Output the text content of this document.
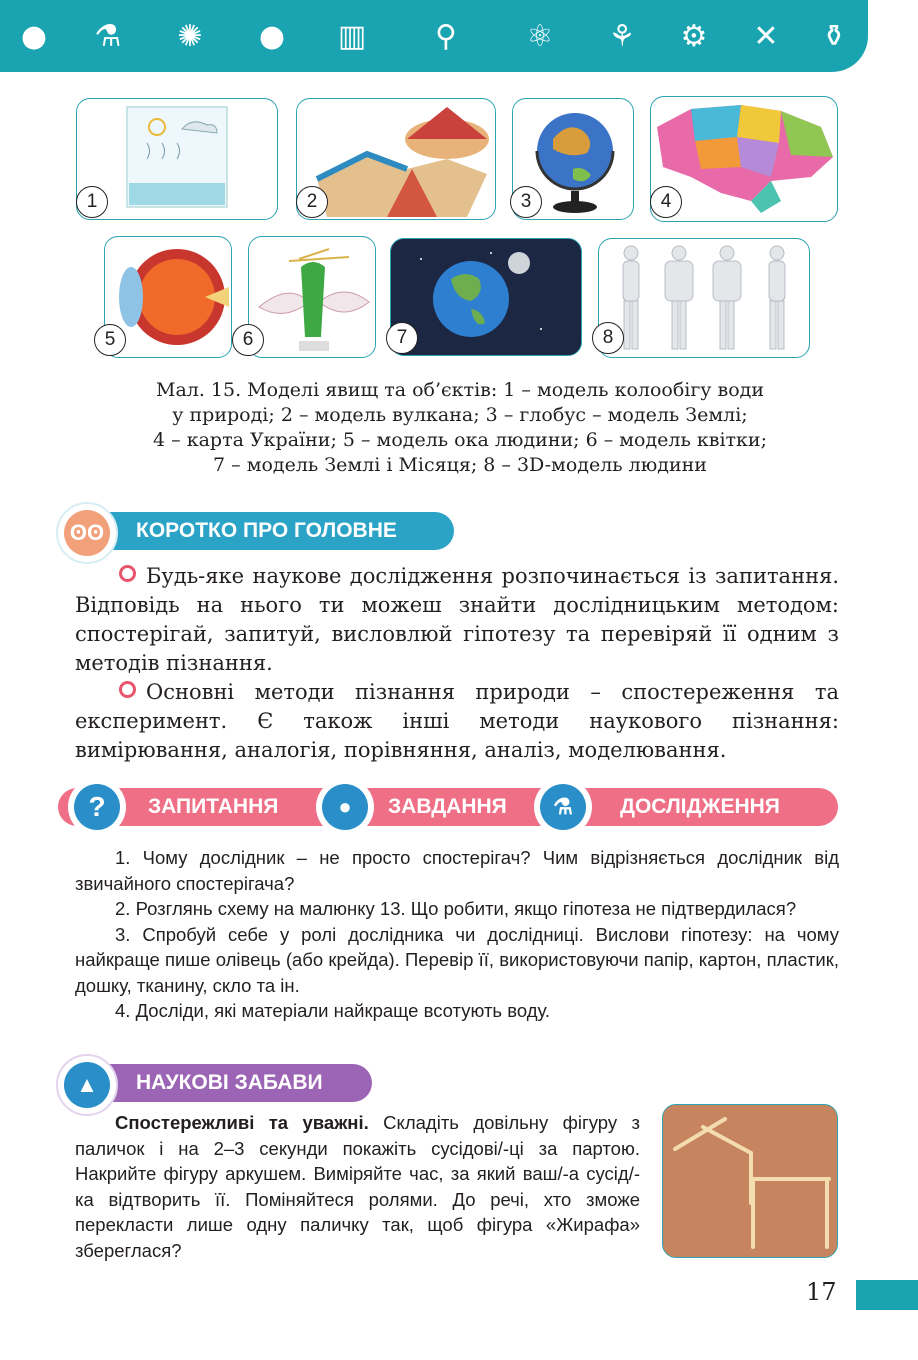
● ⚗	✺	● ▥	⚲	⚛ ⚘ ⚙	✕	⚱
1	2	3	4
5	6	7	8
Мал. 15. Моделі явищ та об’єктів: 1 – модель колообігу води
у природі; 2 – модель вулкана; 3 – глобус – модель Землі;
4 – карта України; 5 – модель ока людини; 6 – модель квітки;
7 – модель Землі і Місяця; 8 – 3D-модель людини
КОРОТКО ПРО ГОЛОВНЕ
ʘʘ

Будь-яке наукове дослідження розпочинається із запитання. Відповідь на нього ти можеш знайти дослідницьким методом: спостерігай, запитуй, висловлюй гіпотезу та перевіряй її одним з методів пізнання.

Основні методи пізнання природи – спостереження та експеримент. Є також інші методи наукового пізнання: вимірювання, аналогія, порівняння, аналіз, моделювання.

?	ЗАПИТАННЯ	●	ЗАВДАННЯ	⚗	ДОСЛІДЖЕННЯ

1. Чому дослідник – не просто спостерігач? Чим відрізняється дослідник від звичайного спостерігача?

2. Розглянь схему на малюнку 13. Що робити, якщо гіпотеза не підтвердилася?

3. Спробуй себе у ролі дослідника чи дослідниці. Вислови гіпотезу: на чому найкраще пише олівець (або крейда). Перевір її, використовуючи папір, картон, пластик, дошку, тканину, скло та ін.

4. Досліди, які матеріали найкраще всотують воду.

НАУКОВІ ЗАБАВИ
▲

Спостережливі та уважні. Складіть довільну фігуру з паличок і на 2–3 секунди покажіть сусідові/-ці за партою. Накрийте фігуру аркушем. Виміряйте час, за який ваш/-а сусід/-ка відтворить її. Поміняйтеся ролями. До речі, хто зможе перекласти лише одну паличку так, щоб фігура «Жирафа» збереглася?

17
